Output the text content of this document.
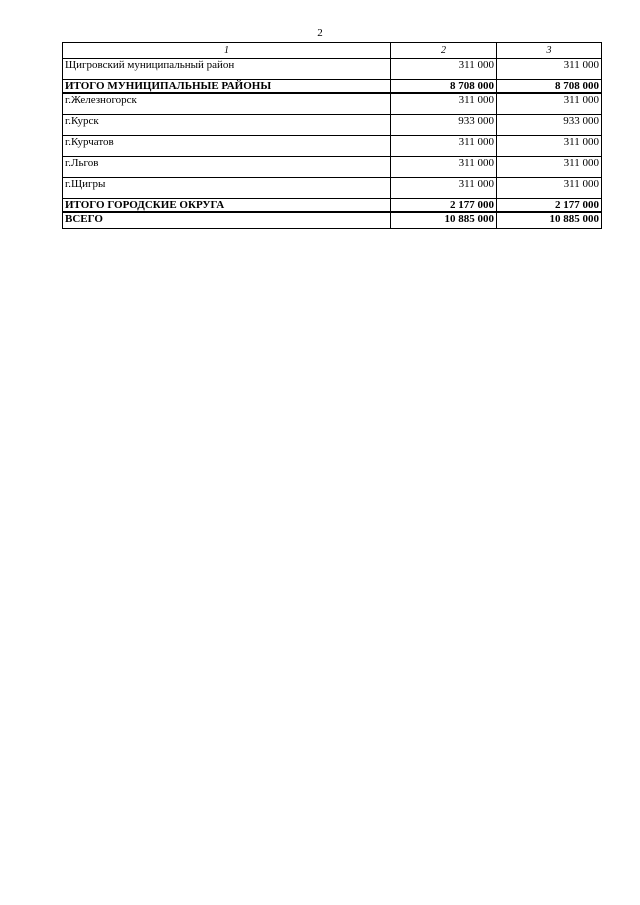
2
1	2	3
Щигровский муниципальный район	311 000	311 000
ИТОГО МУНИЦИПАЛЬНЫЕ РАЙОНЫ	8 708 000	8 708 000
г.Железногорск	311 000	311 000
г.Курск	933 000	933 000
г.Курчатов	311 000	311 000
г.Льгов	311 000	311 000
г.Щигры	311 000	311 000
ИТОГО ГОРОДСКИЕ ОКРУГА	2 177 000	2 177 000
ВСЕГО	10 885 000	10 885 000
